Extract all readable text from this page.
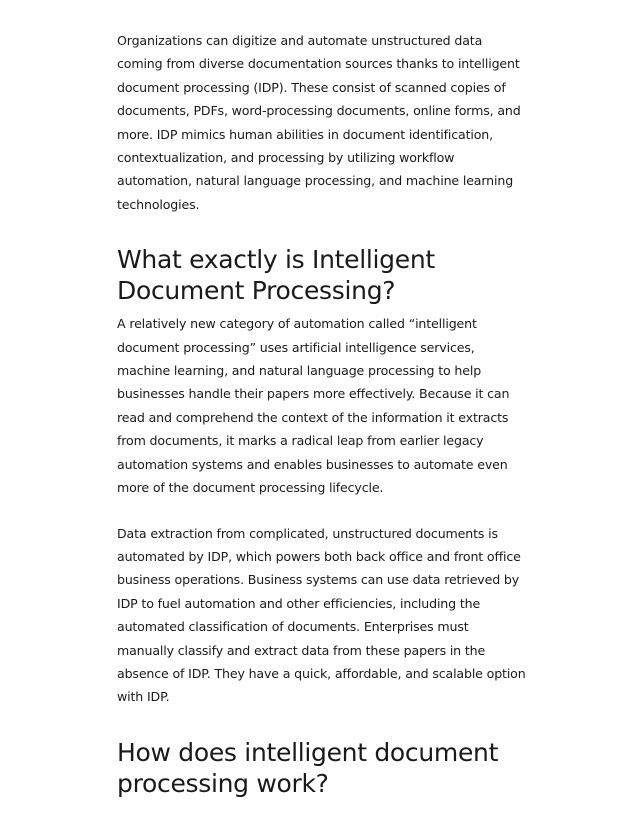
Organizations can digitize and automate unstructured data
coming from diverse documentation sources thanks to intelligent
document processing (IDP). These consist of scanned copies of
documents, PDFs, word-processing documents, online forms, and
more. IDP mimics human abilities in document identification,
contextualization, and processing by utilizing workflow
automation, natural language processing, and machine learning
technologies.

What exactly is Intelligent
Document Processing?

A relatively new category of automation called “intelligent
document processing” uses artificial intelligence services,
machine learning, and natural language processing to help
businesses handle their papers more effectively. Because it can
read and comprehend the context of the information it extracts
from documents, it marks a radical leap from earlier legacy
automation systems and enables businesses to automate even
more of the document processing lifecycle.

Data extraction from complicated, unstructured documents is
automated by IDP, which powers both back office and front office
business operations. Business systems can use data retrieved by
IDP to fuel automation and other efficiencies, including the
automated classification of documents. Enterprises must
manually classify and extract data from these papers in the
absence of IDP. They have a quick, affordable, and scalable option
with IDP.

How does intelligent document
processing work?
